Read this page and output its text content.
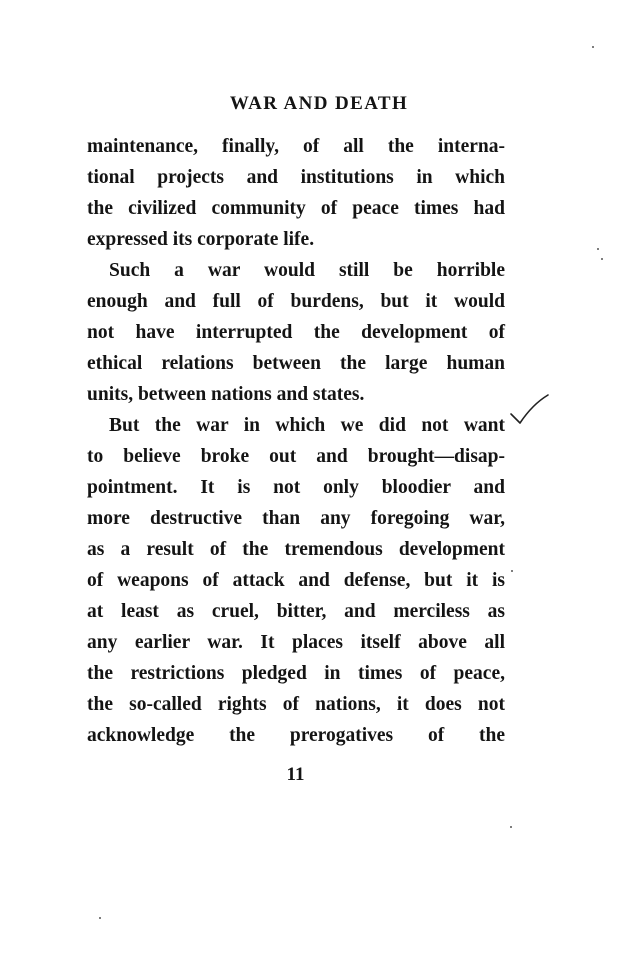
WAR AND DEATH
maintenance, finally, of all the interna-
tional projects and institutions in which
the civilized community of peace times had
expressed its corporate life.
Such a war would still be horrible
enough and full of burdens, but it would
not have interrupted the development of
ethical relations between the large human
units, between nations and states.
But the war in which we did not want
to believe broke out and brought—disap-
pointment. It is not only bloodier and
more destructive than any foregoing war,
as a result of the tremendous development
of weapons of attack and defense, but it is
at least as cruel, bitter, and merciless as
any earlier war. It places itself above all
the restrictions pledged in times of peace,
the so-called rights of nations, it does not
acknowledge the prerogatives of the
11
